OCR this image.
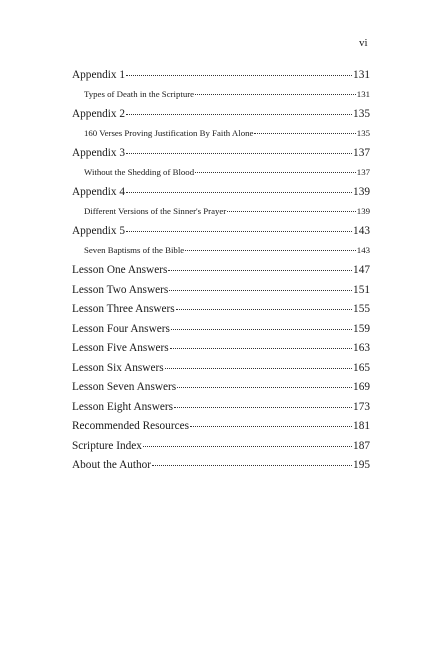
vi
Appendix 1	131
Types of Death in the Scripture	131
Appendix 2	135
160 Verses Proving Justification By Faith Alone	135
Appendix 3	137
Without the Shedding of Blood	137
Appendix 4	139
Different Versions of the Sinner's Prayer	139
Appendix 5	143
Seven Baptisms of the Bible	143
Lesson One Answers	147
Lesson Two Answers	151
Lesson Three Answers	155
Lesson Four Answers	159
Lesson Five Answers	163
Lesson Six Answers	165
Lesson Seven Answers	169
Lesson Eight Answers	173
Recommended Resources	181
Scripture Index	187
About the Author	195
